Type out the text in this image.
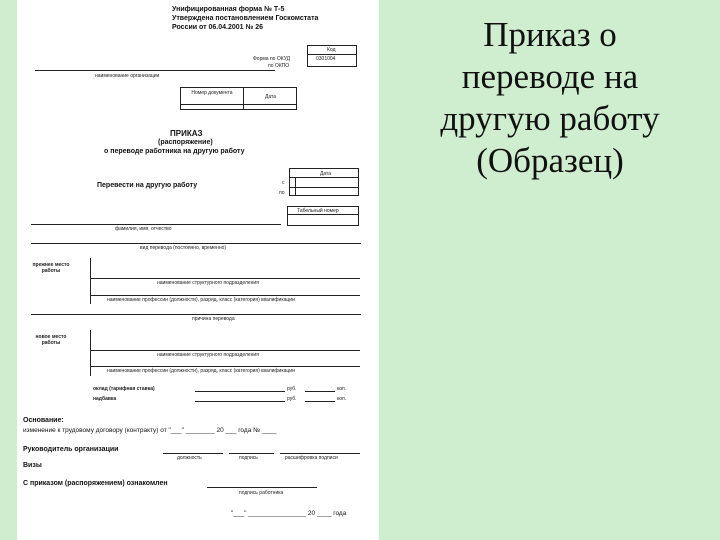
Унифицированная форма № Т-5
Утверждена постановлением Госкомстата
России от 06.04.2001 № 26
Код
0301004
Форма по ОКУД
по ОКПО
наименование организации
Номер документа
Дата
ПРИКАЗ
(распоряжение)
о переводе работника на другую работу
Дата
с
по
Перевести на другую работу
Табельный номер
фамилия, имя, отчество
вид перевода (постоянно, временно)
прежнее место работы
наименование структурного подразделения
наименование профессии (должности), разряд, класс (категория) квалификации
причина перевода
новое место работы
наименование структурного подразделения
наименование профессии (должности), разряд, класс (категория) квалификации
оклад (тарифная ставка)	руб.	коп.
надбавка	руб.	коп.
Основание:
изменение к трудовому договору (контракту) от "___" ________ 20 ___ года № ____
Руководитель организации
должность	подпись	расшифровка подписи
Визы
С приказом (распоряжением) ознакомлен
подпись работника
"___" ________________ 20 ____ года
Приказ о
переводе на
другую работу
(Образец)
